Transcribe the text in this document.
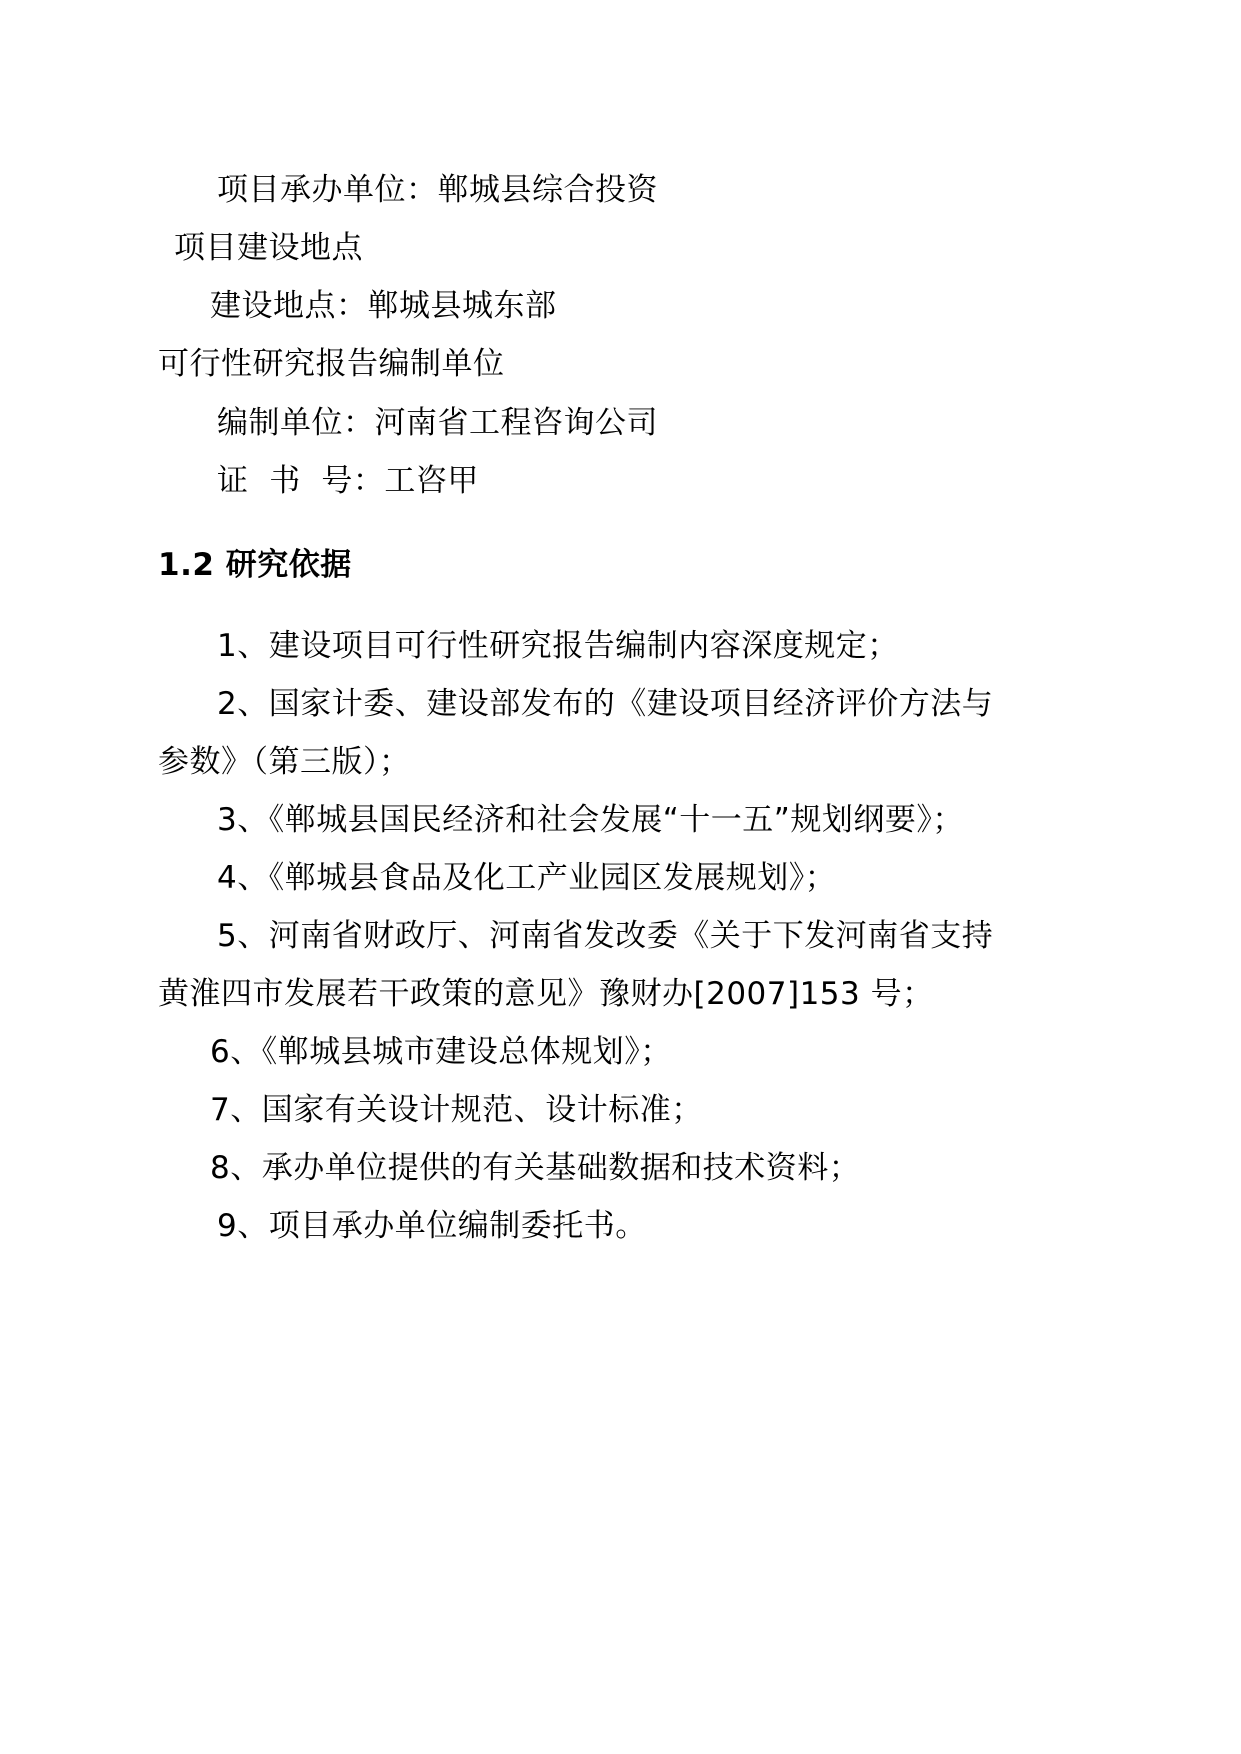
项目承办单位：郸城县综合投资
项目建设地点
建设地点：郸城县城东部
可行性研究报告编制单位
编制单位：河南省工程咨询公司
证  书  号：工咨甲
1.2 研究依据
1、建设项目可行性研究报告编制内容深度规定；
2、国家计委、建设部发布的《建设项目经济评价方法与
参数》（第三版）；
3、《郸城县国民经济和社会发展“十一五”规划纲要》；
4、《郸城县食品及化工产业园区发展规划》；
5、河南省财政厅、河南省发改委《关于下发河南省支持
黄淮四市发展若干政策的意见》豫财办[2007]153 号；
6、《郸城县城市建设总体规划》；
7、国家有关设计规范、设计标准；
8、承办单位提供的有关基础数据和技术资料；
9、项目承办单位编制委托书。
